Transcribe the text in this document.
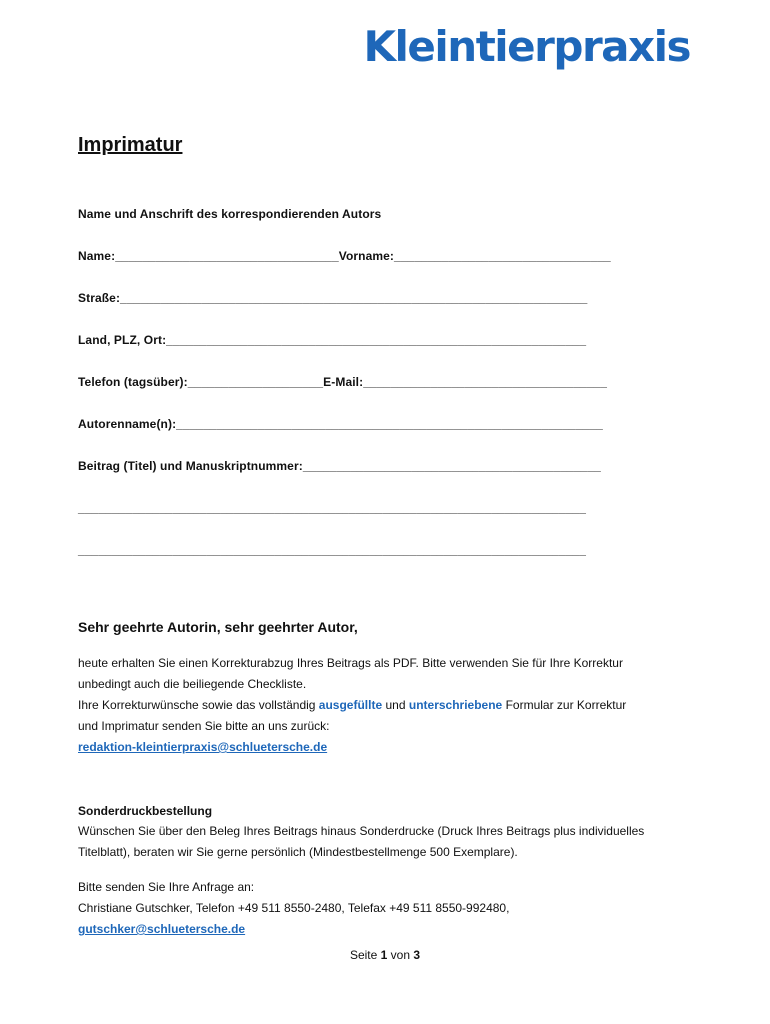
Kleintierpraxis
Imprimatur
Name und Anschrift des korrespondierenden Autors
Name:_________________________________Vorname:________________________________
Straße:_____________________________________________________________________
Land, PLZ, Ort:______________________________________________________________
Telefon (tagsüber):____________________E-Mail:____________________________________
Autorenname(n):_______________________________________________________________
Beitrag (Titel) und Manuskriptnummer:____________________________________________
___________________________________________________________________________
___________________________________________________________________________
Sehr geehrte Autorin, sehr geehrter Autor,

heute erhalten Sie einen Korrekturabzug Ihres Beitrags als PDF. Bitte verwenden Sie für Ihre Korrektur

unbedingt auch die beiliegende Checkliste.

Ihre Korrekturwünsche sowie das vollständig ausgefüllte und unterschriebene Formular zur Korrektur

und Imprimatur senden Sie bitte an uns zurück:

redaktion-kleintierpraxis@schluetersche.de

Sonderdruckbestellung

Wünschen Sie über den Beleg Ihres Beitrags hinaus Sonderdrucke (Druck Ihres Beitrags plus individuelles

Titelblatt), beraten wir Sie gerne persönlich (Mindestbestellmenge 500 Exemplare).

Bitte senden Sie Ihre Anfrage an:

Christiane Gutschker, Telefon +49 511 8550-2480, Telefax +49 511 8550-992480,

gutschker@schluetersche.de

Seite 1 von 3
